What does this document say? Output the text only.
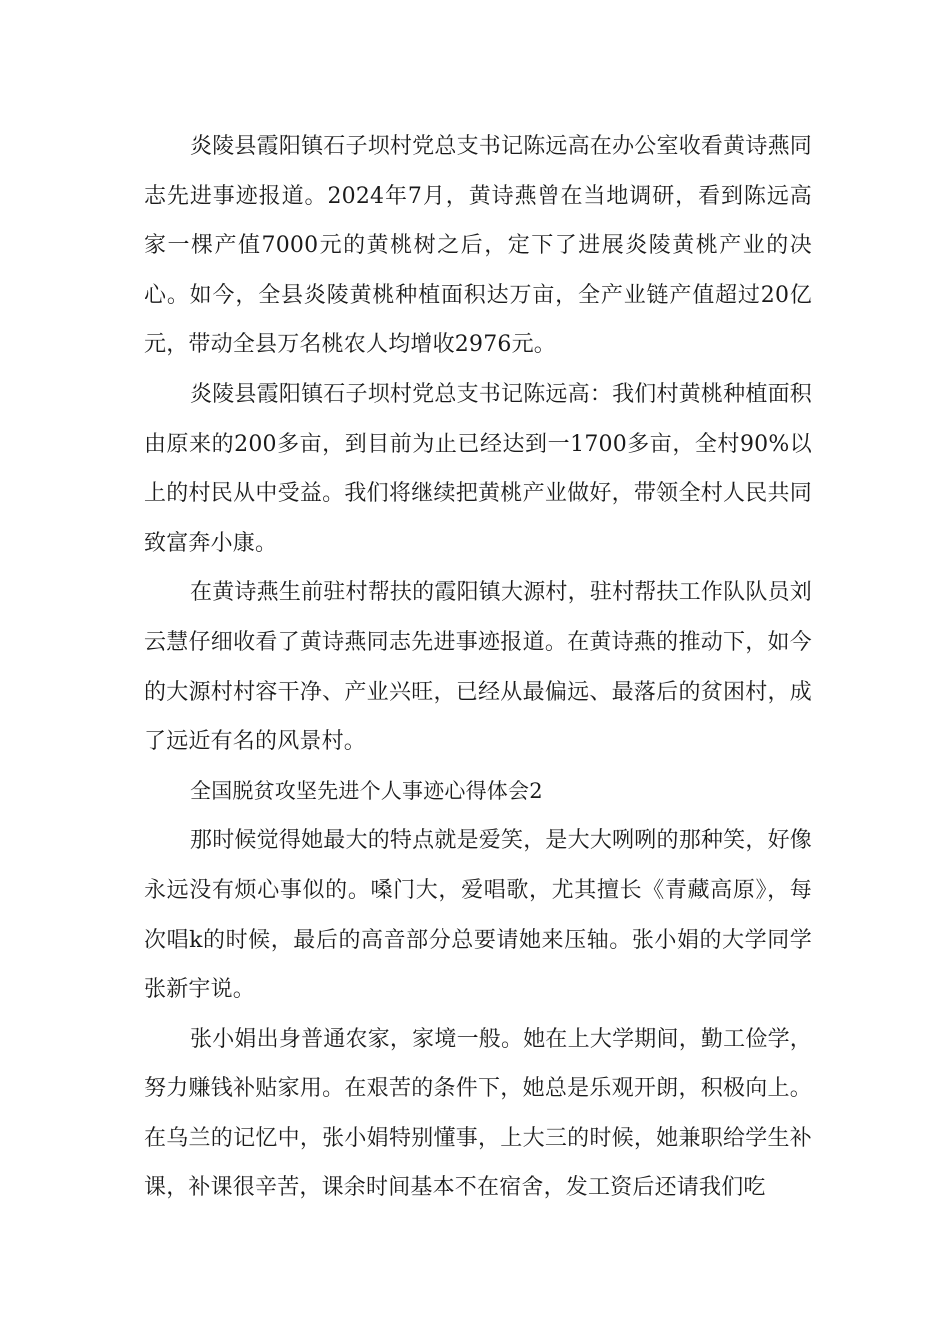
炎陵县霞阳镇石子坝村党总支书记陈远高在办公室收看黄诗燕同志先进事迹报道。2024年7月，黄诗燕曾在当地调研，看到陈远高家一棵产值7000元的黄桃树之后，定下了进展炎陵黄桃产业的决心。如今，全县炎陵黄桃种植面积达万亩，全产业链产值超过20亿元，带动全县万名桃农人均增收2976元。

炎陵县霞阳镇石子坝村党总支书记陈远高：我们村黄桃种植面积由原来的200多亩，到目前为止已经达到一1700多亩，全村90%以上的村民从中受益。我们将继续把黄桃产业做好，带领全村人民共同致富奔小康。

在黄诗燕生前驻村帮扶的霞阳镇大源村，驻村帮扶工作队队员刘云慧仔细收看了黄诗燕同志先进事迹报道。在黄诗燕的推动下，如今的大源村村容干净、产业兴旺，已经从最偏远、最落后的贫困村，成了远近有名的风景村。

全国脱贫攻坚先进个人事迹心得体会2

那时候觉得她最大的特点就是爱笑，是大大咧咧的那种笑，好像永远没有烦心事似的。嗓门大，爱唱歌，尤其擅长《青藏高原》，每次唱k的时候，最后的高音部分总要请她来压轴。张小娟的大学同学张新宇说。

张小娟出身普通农家，家境一般。她在上大学期间，勤工俭学，努力赚钱补贴家用。在艰苦的条件下，她总是乐观开朗，积极向上。在乌兰的记忆中，张小娟特别懂事，上大三的时候，她兼职给学生补课，补课很辛苦，课余时间基本不在宿舍，发工资后还请我们吃
